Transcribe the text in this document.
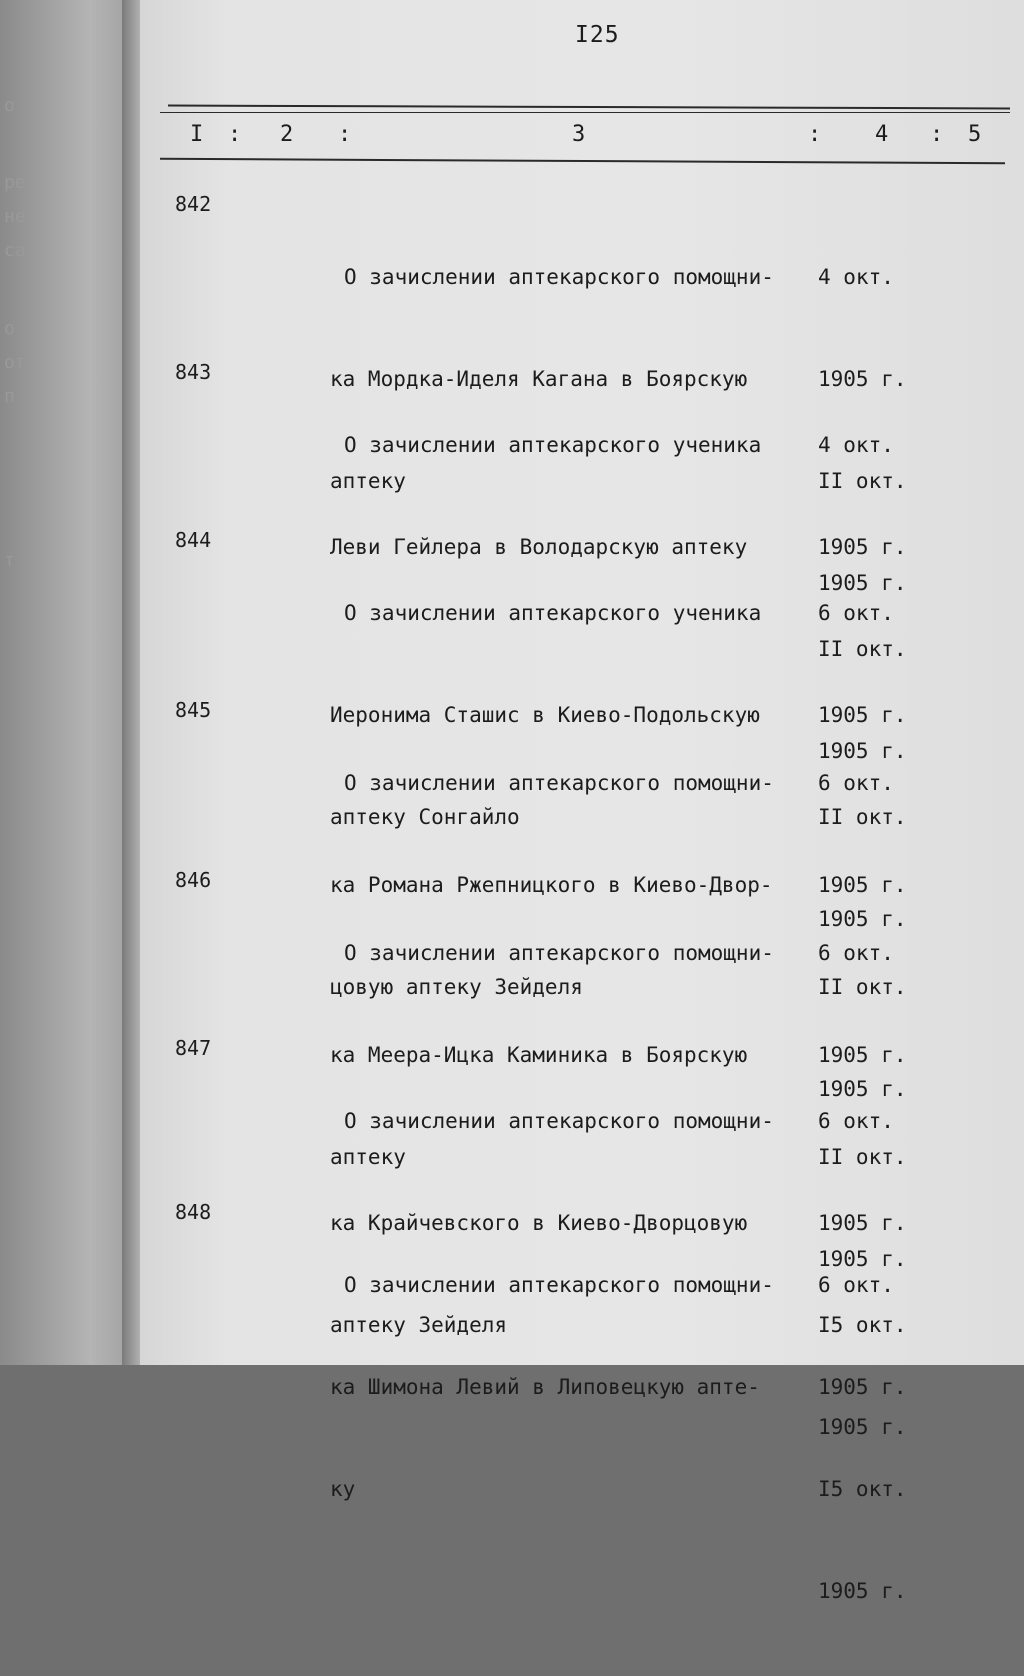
о
ре
не
са
о
от
п
т
I25
I : 2 :	3	: 4 : 5
842

О зачислении аптекарского помощни-

ка Мордка-Иделя Кагана в Боярскую

аптеку

4 окт.

1905 г.

II окт.

1905 г.

843

О зачислении аптекарского ученика

Леви Гейлера в Володарскую аптеку

4 окт.

1905 г.

II окт.

1905 г.

844

О зачислении аптекарского ученика

Иеронима Сташис в Киево-Подольскую

аптеку Сонгайло

6 окт.

1905 г.

II окт.

1905 г.

845

О зачислении аптекарского помощни-

ка Романа Ржепницкого в Киево-Двор-

цовую аптеку Зейделя

6 окт.

1905 г.

II окт.

1905 г.

846

О зачислении аптекарского помощни-

ка Меера-Ицка Каминика в Боярскую

аптеку

6 окт.

1905 г.

II окт.

1905 г.

847

О зачислении аптекарского помощни-

ка Крайчевского в Киево-Дворцовую

аптеку Зейделя

6 окт.

1905 г.

I5 окт.

1905 г.

848

О зачислении аптекарского помощни-

ка Шимона Левий в Липовецкую апте-

ку

6 окт.

1905 г.

I5 окт.

1905 г.
